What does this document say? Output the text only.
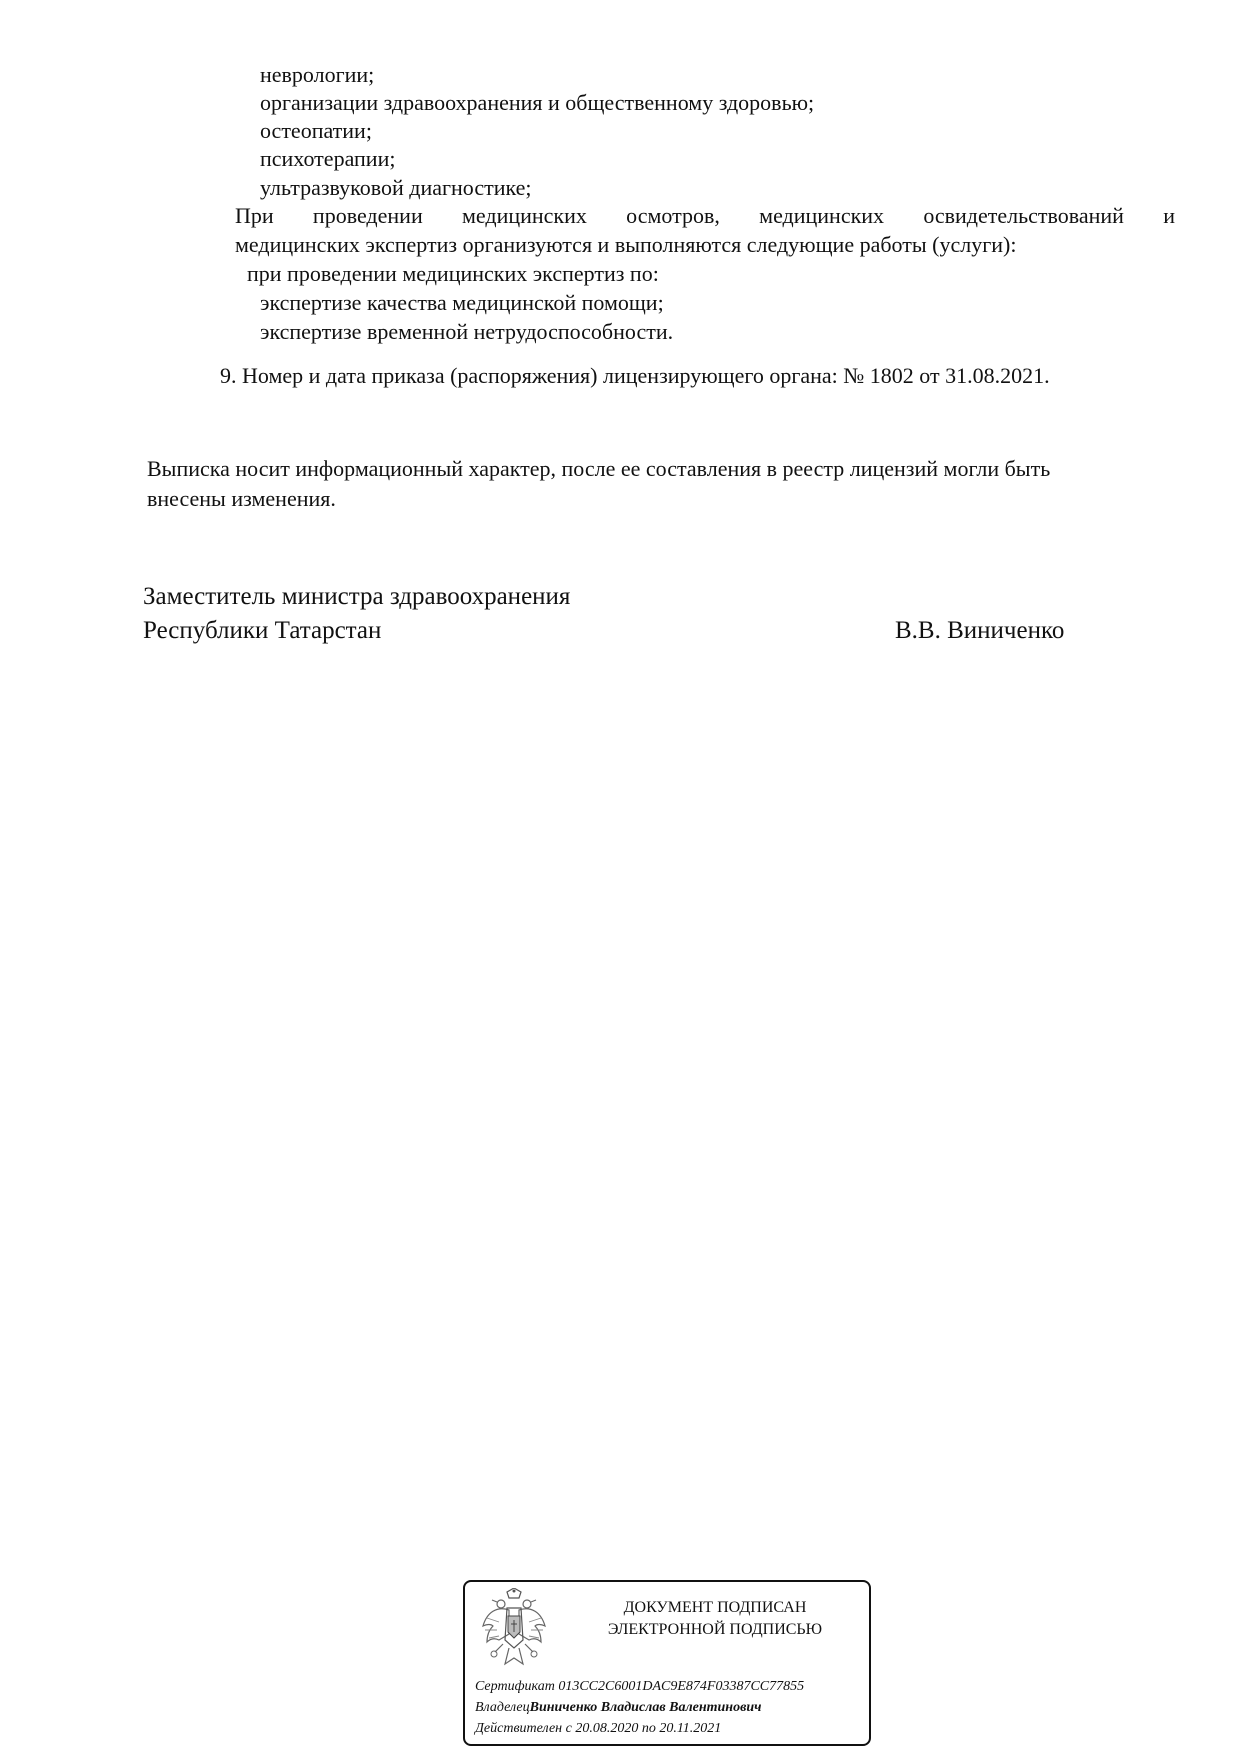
неврологии;
организации здравоохранения и общественному здоровью;
остеопатии;
психотерапии;
ультразвуковой диагностике;
При проведении медицинских осмотров, медицинских освидетельствований и
медицинских экспертиз организуются и выполняются следующие работы (услуги):
при проведении медицинских экспертиз по:
экспертизе качества медицинской помощи;
экспертизе временной нетрудоспособности.
9. Номер и дата приказа (распоряжения) лицензирующего органа: № 1802 от 31.08.2021.
Выписка носит информационный характер, после ее составления в реестр лицензий могли быть
внесены изменения.
Заместитель министра здравоохранения
Республики Татарстан	В.В. Виниченко
ДОКУМЕНТ ПОДПИСАН
ЭЛЕКТРОННОЙ ПОДПИСЬЮ
Сертификат 013CC2C6001DAC9E874F03387CC77855
ВладелецВиниченко Владислав Валентинович
Действителен с 20.08.2020 по 20.11.2021
